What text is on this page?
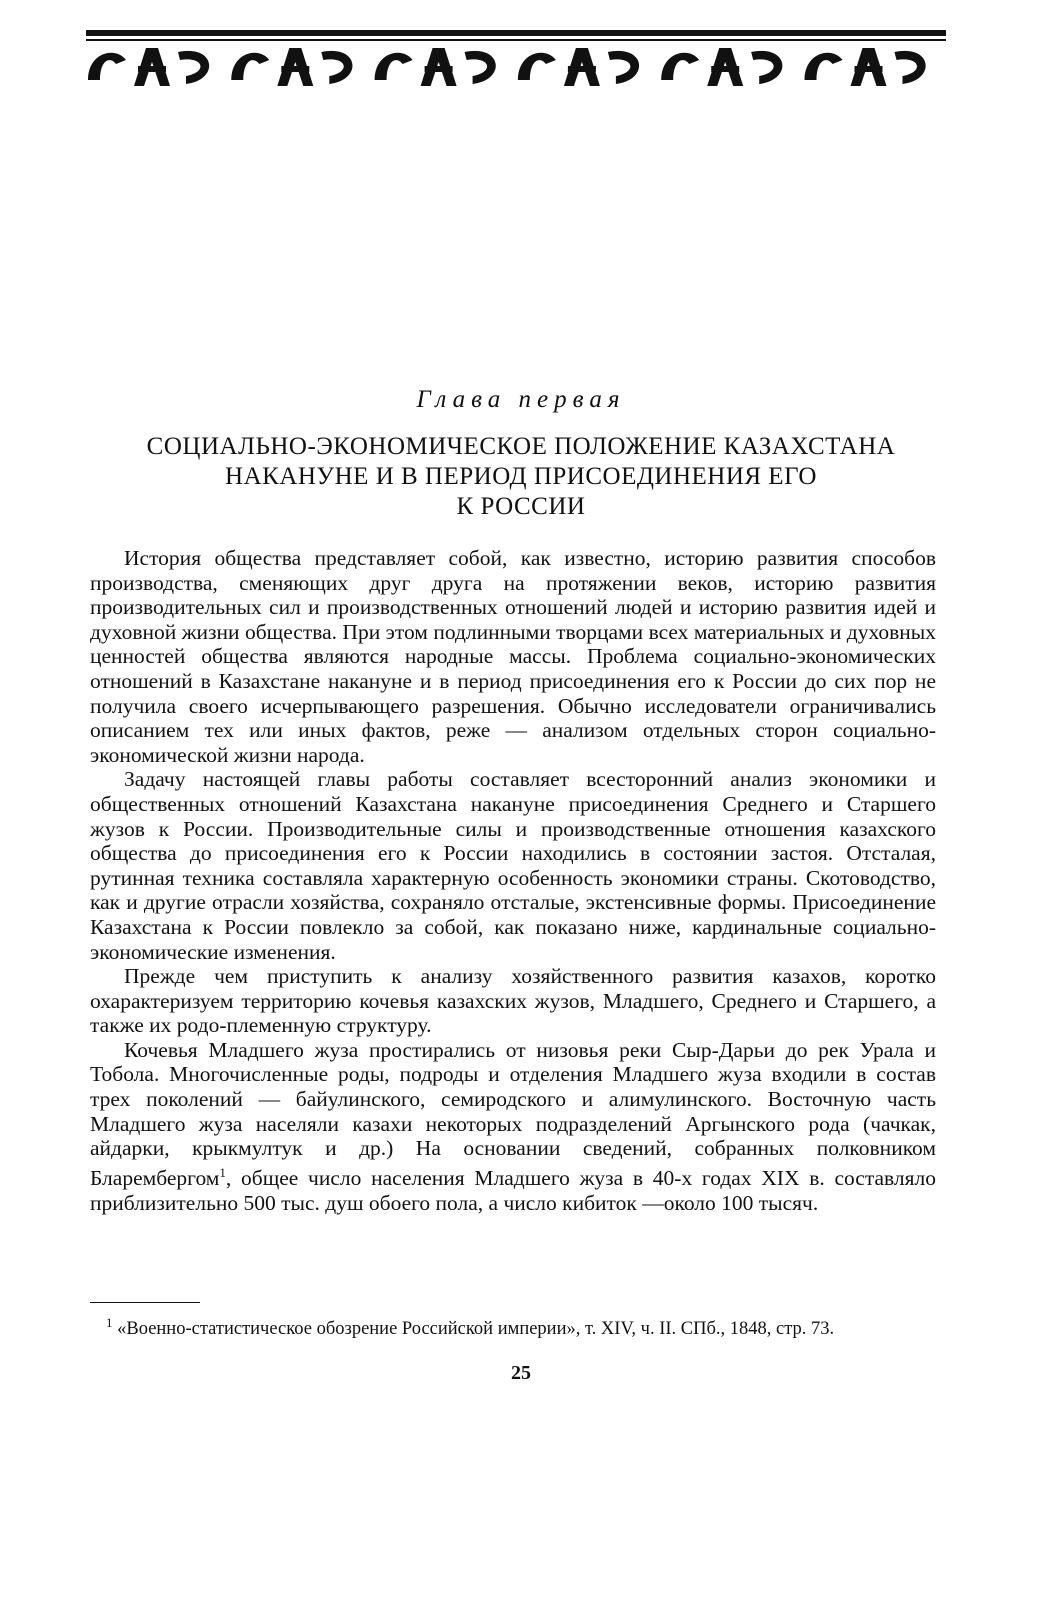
Глава первая
СОЦИАЛЬНО-ЭКОНОМИЧЕСКОЕ ПОЛОЖЕНИЕ КАЗАХСТАНА
НАКАНУНЕ И В ПЕРИОД ПРИСОЕДИНЕНИЯ ЕГО
К РОССИИ

История общества представляет собой, как известно, историю развития способов производства, сменяющих друг друга на протяжении веков, историю развития производительных сил и производственных отношений людей и историю развития идей и духовной жизни общества. При этом подлинными творцами всех материальных и духовных ценностей общества являются народные массы. Проблема социально-экономических отношений в Казахстане накануне и в период присоединения его к России до сих пор не получила своего исчерпывающего разрешения. Обычно исследователи ограничивались описанием тех или иных фактов, реже — анализом отдельных сторон социально-экономической жизни народа.

Задачу настоящей главы работы составляет всесторонний анализ экономики и общественных отношений Казахстана накануне присоединения Среднего и Старшего жузов к России. Производительные силы и производственные отношения казахского общества до присоединения его к России находились в состоянии застоя. Отсталая, рутинная техника составляла характерную особенность экономики страны. Скотоводство, как и другие отрасли хозяйства, сохраняло отсталые, экстенсивные формы. Присоединение Казахстана к России повлекло за собой, как показано ниже, кардинальные социально-экономические изменения.

Прежде чем приступить к анализу хозяйственного развития казахов, коротко охарактеризуем территорию кочевья казахских жузов, Младшего, Среднего и Старшего, а также их родо-племенную структуру.

Кочевья Младшего жуза простирались от низовья реки Сыр-Дарьи до рек Урала и Тобола. Многочисленные роды, подроды и отделения Младшего жуза входили в состав трех поколений — байулинского, семиродского и алимулинского. Восточную часть Младшего жуза населяли казахи некоторых подразделений Аргынского рода (чачкак, айдарки, крыкмултук и др.) На основании сведений, собранных полковником Бларембергом$^1$, общее число населения Младшего жуза в 40-х годах XIX в. составляло приблизительно 500 тыс. душ обоего пола, а число кибиток —около 100 тысяч.

$^1$ «Военно-статистическое обозрение Российской империи», т. XIV, ч. II. СПб., 1848, стр. 73.

25
